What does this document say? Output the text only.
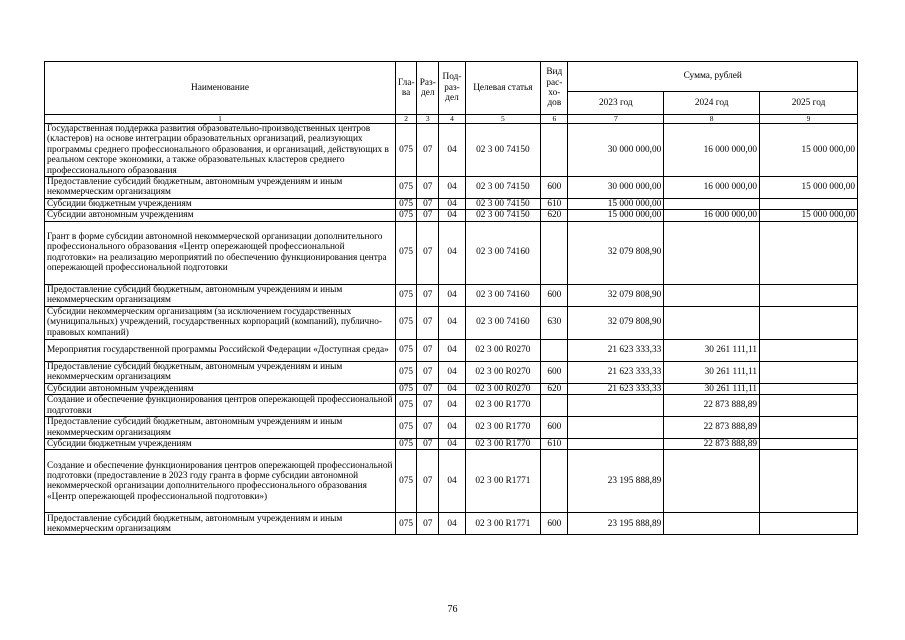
Наименование	Гла-ва	Раз-дел	Под-раз-дел	Целевая статья	Вид рас-хо-дов	Сумма, рублей		
						2023 год	2024 год	2025 год
1	2	3	4	5	6	7	8	9
Государственная поддержка развития образовательно-производственных центров (кластеров) на основе интеграции образовательных организаций, реализующих программы среднего профессионального образования, и организаций, действующих в реальном секторе экономики, а также образовательных кластеров среднего профессионального образования	075	07	04	02 3 00 74150		30 000 000,00	16 000 000,00	15 000 000,00
Предоставление субсидий бюджетным, автономным учреждениям и иным некоммерческим организациям	075	07	04	02 3 00 74150	600	30 000 000,00	16 000 000,00	15 000 000,00
Субсидии бюджетным учреждениям	075	07	04	02 3 00 74150	610	15 000 000,00		
Субсидии автономным учреждениям	075	07	04	02 3 00 74150	620	15 000 000,00	16 000 000,00	15 000 000,00
Грант в форме субсидии автономной некоммерческой организации дополнительного профессионального образования «Центр опережающей профессиональной подготовки» на реализацию мероприятий по обеспечению функционирования центра опережающей профессиональной подготовки	075	07	04	02 3 00 74160		32 079 808,90		
Предоставление субсидий бюджетным, автономным учреждениям и иным некоммерческим организациям	075	07	04	02 3 00 74160	600	32 079 808,90		
Субсидии некоммерческим организациям (за исключением государственных (муниципальных) учреждений, государственных корпораций (компаний), публично-правовых компаний)	075	07	04	02 3 00 74160	630	32 079 808,90		
Мероприятия государственной программы Российской Федерации «Доступная среда»	075	07	04	02 3 00 R0270		21 623 333,33	30 261 111,11	
Предоставление субсидий бюджетным, автономным учреждениям и иным некоммерческим организациям	075	07	04	02 3 00 R0270	600	21 623 333,33	30 261 111,11	
Субсидии автономным учреждениям	075	07	04	02 3 00 R0270	620	21 623 333,33	30 261 111,11	
Создание и обеспечение функционирования центров опережающей профессиональной подготовки	075	07	04	02 3 00 R1770			22 873 888,89	
Предоставление субсидий бюджетным, автономным учреждениям и иным некоммерческим организациям	075	07	04	02 3 00 R1770	600		22 873 888,89	
Субсидии бюджетным учреждениям	075	07	04	02 3 00 R1770	610		22 873 888,89	
Создание и обеспечение функционирования центров опережающей профессиональной подготовки (предоставление в 2023 году гранта в форме субсидии автономной некоммерческой организации дополнительного профессионального образования «Центр опережающей профессиональной подготовки»)	075	07	04	02 3 00 R1771		23 195 888,89		
Предоставление субсидий бюджетным, автономным учреждениям и иным некоммерческим организациям	075	07	04	02 3 00 R1771	600	23 195 888,89		
76
